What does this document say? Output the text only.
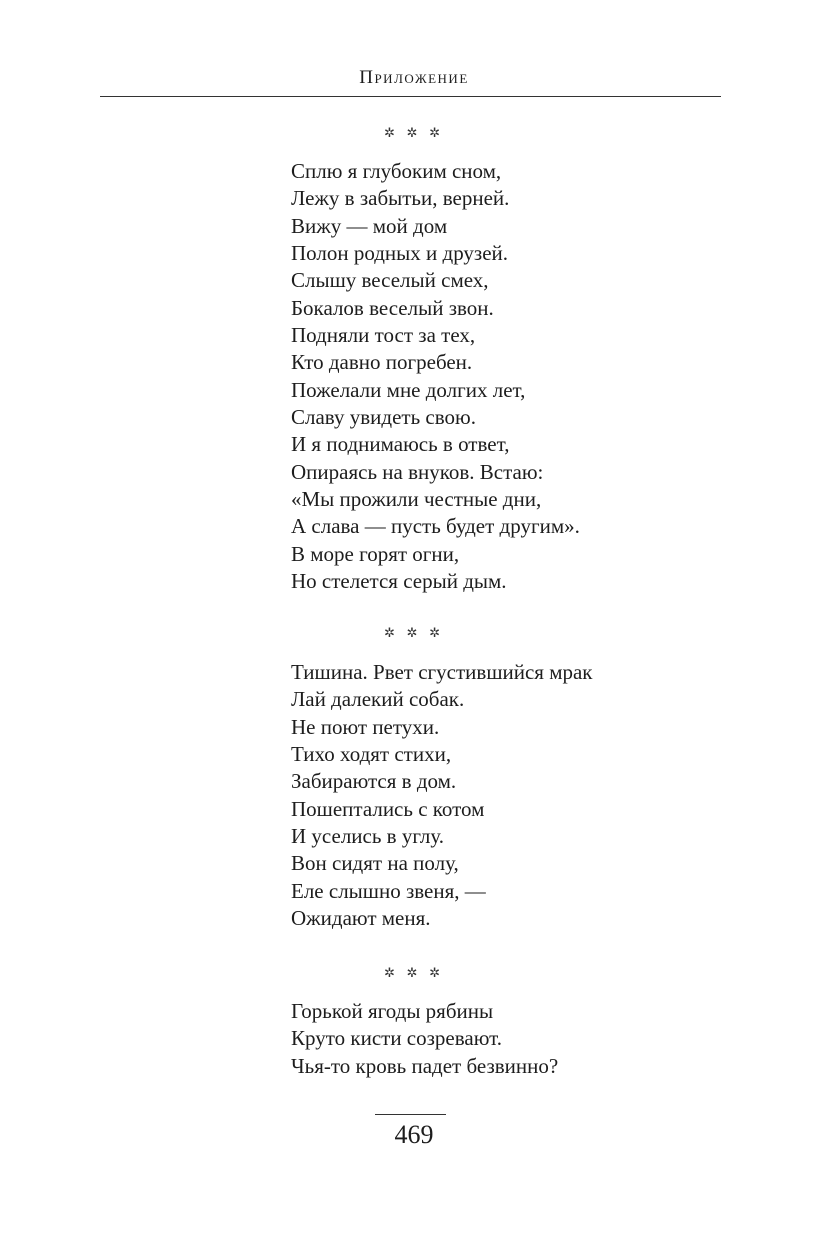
Приложение
✲ ✲ ✲
Сплю я глубоким сном,
Лежу в забытьи, верней.
Вижу — мой дом
Полон родных и друзей.
Слышу веселый смех,
Бокалов веселый звон.
Подняли тост за тех,
Кто давно погребен.
Пожелали мне долгих лет,
Славу увидеть свою.
И я поднимаюсь в ответ,
Опираясь на внуков. Встаю:
«Мы прожили честные дни,
А слава — пусть будет другим».
В море горят огни,
Но стелется серый дым.
✲ ✲ ✲
Тишина. Рвет сгустившийся мрак
Лай далекий собак.
Не поют петухи.
Тихо ходят стихи,
Забираются в дом.
Пошептались с котом
И уселись в углу.
Вон сидят на полу,
Еле слышно звеня, —
Ожидают меня.
✲ ✲ ✲
Горькой ягоды рябины
Круто кисти созревают.
Чья-то кровь падет безвинно?
469
